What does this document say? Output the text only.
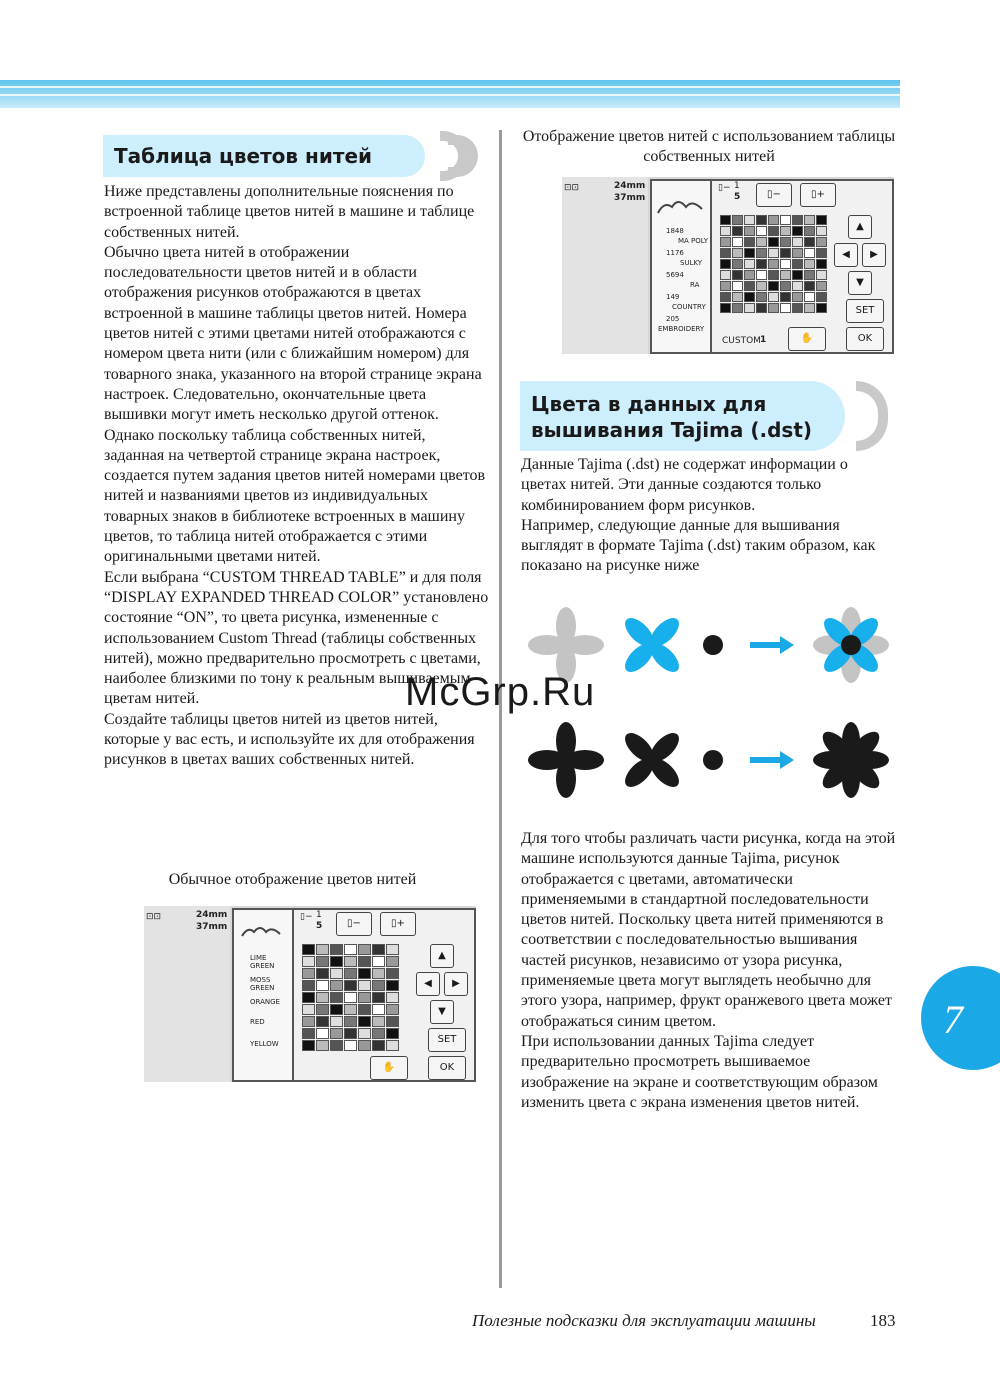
Таблица цветов нитей

Ниже представлены дополнительные пояснения по встроенной таблице цветов нитей в машине и таблице собственных нитей.

Обычно цвета нитей в отображении последовательности цветов нитей и в области отображения рисунков отображаются в цветах встроенной в машине таблицы цветов нитей. Номера цветов нитей с этими цветами нитей отображаются с номером цвета нити (или с ближайшим номером) для товарного знака, указанного на второй странице экрана настроек. Следовательно, окончательные цвета вышивки могут иметь несколько другой оттенок.

Однако поскольку таблица собственных нитей, заданная на четвертой странице экрана настроек, создается путем задания цветов нитей номерами цветов нитей и названиями цветов из индивидуальных товарных знаков в библиотеке встроенных в машину цветов, то таблица нитей отображается с этими оригинальными цветами нитей.

Если выбрана “CUSTOM THREAD TABLE” и для поля “DISPLAY EXPANDED THREAD COLOR” установлено состояние “ON”, то цвета рисунка, измененные с использованием Custom Thread (таблицы собственных нитей), можно предварительно просмотреть с цветами, наиболее близкими по тону к реальным вышиваемым цветам нитей.

Создайте таблицы цветов нитей из цветов нитей, которые у вас есть, и используйте их для отображения рисунков в цветах ваших собственных нитей.

Обычное отображение цветов нитей
⊡⊡	24mm
37mm
LIME GREEN
MOSS GREEN
ORANGE
RED
YELLOW
▯− 1
5	▯−	▯+
▲
◀	▶
▼
SET
OK
✋
Отображение цветов нитей с использованием таблицы собственных нитей
⊡⊡	24mm
37mm
1848
MA POLY
1176
SULKY
5694
RA
149
COUNTRY
205
EMBROIDERY
▯− 1
5	▯−	▯+
CUSTOM 1
▲
◀	▶
▼
SET
OK
✋
Цвета в данных для
вышивания Tajima (.dst)

Данные Tajima (.dst) не содержат информации о цветах нитей. Эти данные создаются только комбинированием форм рисунков.

Например, следующие данные для вышивания выглядят в формате Tajima (.dst) таким образом, как показано на рисунке ниже

Для того чтобы различать части рисунка, когда на этой машине используются данные Tajima, рисунок отображается с цветами, автоматически применяемыми в стандартной последовательности цветов нитей. Поскольку цвета нитей применяются в соответствии с последовательностью вышивания частей рисунков, независимо от узора рисунка, применяемые цвета могут выглядеть необычно для этого узора, например, фрукт оранжевого цвета может отображаться синим цветом.

При использовании данных Tajima следует предварительно просмотреть вышиваемое изображение на экране и соответствующим образом изменить цвета с экрана изменения цветов нитей.

McGrp.Ru
7
Полезные подсказки для эксплуатации машины	183
